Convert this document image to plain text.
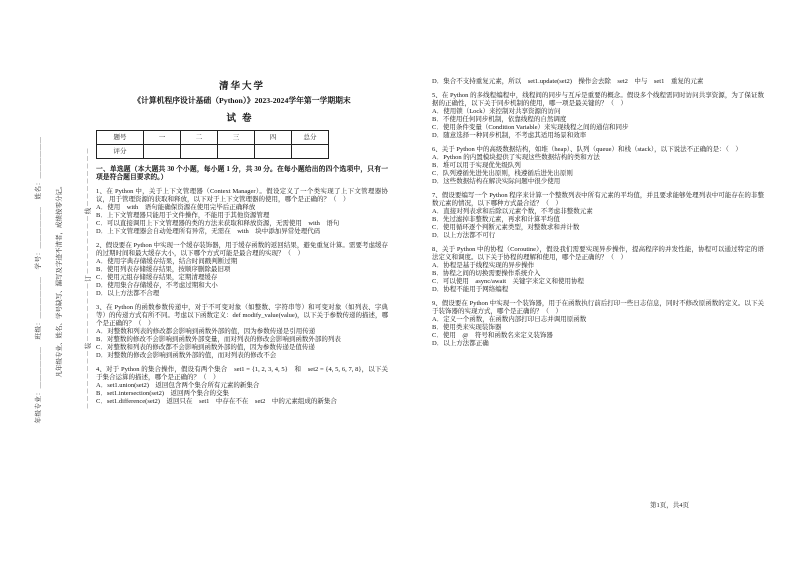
年级专业：＿＿＿＿＿＿　班级：＿＿＿＿＿＿　学号：＿＿＿＿＿＿　姓名：＿＿＿＿＿＿	凡年级专业、姓名、学号缺写、漏写及字迹不清者，成绩按零分记。	－－－－－－－－装－－－－－－－－订－－－－－－－－线－－－－－－－－
清华大学
《计算机程序设计基础（Python）》2023-2024学年第一学期期末
试卷
题号	一	二	三	四	总分
评分					
一、单选题（本大题共 30 个小题，每小题 1 分，共 30 分。在每小题给出的四个选项中，只有一项是符合题目要求的。）
1、在 Python 中，关于上下文管理器（Context Manager）。假设定义了一个类实现了上下文管理器协议，用于管理资源的获取和释放，以下对于上下文管理器的使用，哪个是正确的？（　）
A．使用　with　语句能确保资源在使用完毕后正确释放
B．上下文管理器只能用于文件操作，不能用于其他资源管理
C．可以直接调用上下文管理器的类的方法来获取和释放资源，无需使用　with　语句
D．上下文管理器会自动处理所有异常，无需在　with　块中添加异常处理代码
2、假设要在 Python 中实现一个缓存装饰器，用于缓存函数的返回结果，避免重复计算。需要考虑缓存的过期时间和最大缓存大小，以下哪个方式可能是最合理的实现？（　）
A．使用字典存储缓存结果，结合时间戳判断过期
B．使用列表存储缓存结果，按顺序删除最旧项
C．使用元组存储缓存结果，定期清理缓存
D．使用集合存储缓存，不考虑过期和大小
D．以上方法都不合理
3、在 Python 的函数参数传递中，对于不可变对象（如整数、字符串等）和可变对象（如列表、字典等）的传递方式有所不同。考虑以下函数定义：def modify_value(value)，以下关于参数传递的描述，哪个是正确的？（　）
A．对整数和列表的修改都会影响到函数外部的值，因为参数传递是引用传递
B．对整数的修改不会影响到函数外部变量，而对列表的修改会影响到函数外部的列表
C．对整数和列表的修改都不会影响到函数外部的值，因为参数传递是值传递
D．对整数的修改会影响到函数外部的值，而对列表的修改不会
4、对于 Python 的集合操作，假设有两个集合　set1 = {1, 2, 3, 4, 5}　和　set2 = {4, 5, 6, 7, 8}，以下关于集合运算的描述，哪个是正确的？（　）
A．set1.union(set2)　返回包含两个集合所有元素的新集合
B．set1.intersection(set2)　返回两个集合的交集
C．set1.difference(set2)　返回只在　set1　中存在不在　set2　中的元素组成的新集合
D．集合不支持重复元素，所以　set1.update(set2)　操作会去除　set2　中与　set1　重复的元素
5、在 Python 的多线程编程中，线程间的同步与互斥是重要的概念。假设多个线程需同时访问共享资源，为了保证数据的正确性，以下关于同步机制的使用，哪一项是最关键的？（　）
A．使用锁（Lock）来控制对共享资源的访问
B．不使用任何同步机制，依靠线程的自然调度
C．使用条件变量（Condition Variable）来实现线程之间的通信和同步
D．随意选择一种同步机制，不考虑其适用场景和效率
6、关于 Python 中的高级数据结构，如堆（heap）、队列（queue）和栈（stack），以下说法不正确的是：（　）
A．Python 的内置模块提供了实现这些数据结构的类和方法
B．堆可以用于实现优先级队列
C．队列遵循先进先出原则，栈遵循后进先出原则
D．这些数据结构在解决实际问题中很少使用
7、假设要编写一个 Python 程序来计算一个整数列表中所有元素的平均值，并且要求能够处理列表中可能存在的非整数元素的情况，以下哪种方式最合适？（　）
A．直接对列表求和后除以元素个数，不考虑非整数元素
B．先过滤掉非整数元素，再求和计算平均值
C．使用循环逐个判断元素类型，对整数求和并计数
D．以上方法都不可行
8、关于 Python 中的协程（Coroutine），假设我们需要实现异步操作，提高程序的并发性能，协程可以通过特定的语法定义和调度。以下关于协程的理解和使用，哪个是正确的？（　）
A．协程是基于线程实现的异步操作
B．协程之间的切换需要操作系统介入
C．可以使用　async/await　关键字来定义和使用协程
D．协程不能用于网络编程
9、假设要在 Python 中实现一个装饰器，用于在函数执行前后打印一些日志信息，同时不修改原函数的定义。以下关于装饰器的实现方式，哪个是正确的？（　）
A．定义一个函数，在函数内部打印日志并调用原函数
B．使用类来实现装饰器
C．使用　@　符号和函数名来定义装饰器
D．以上方法都正确
第1页，共4页
